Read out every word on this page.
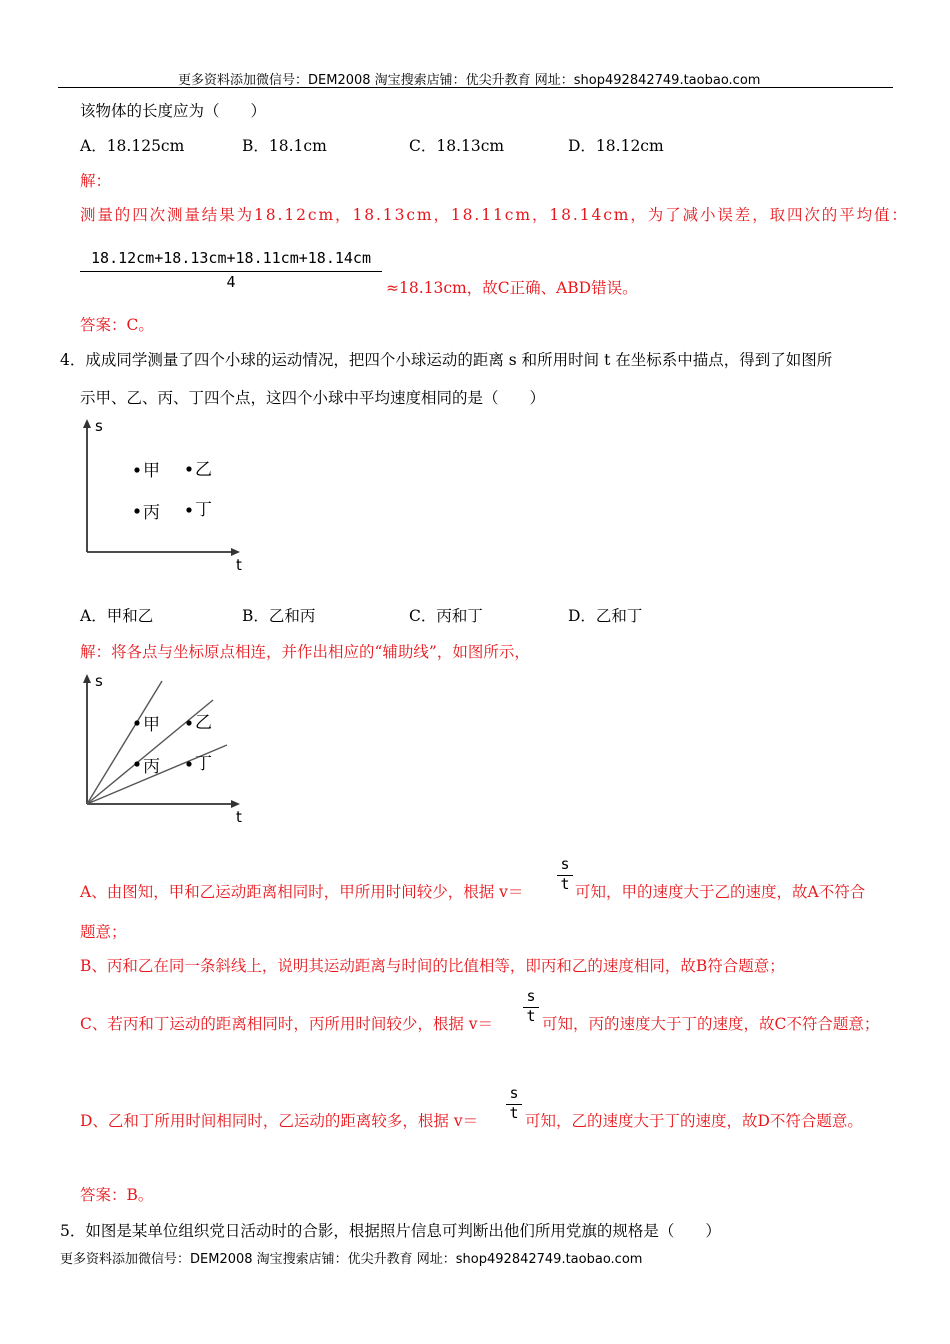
更多资料添加微信号：DEM2008 淘宝搜索店铺：优尖升教育 网址：shop492842749.taobao.com
该物体的长度应为（　　）
A．18.125cm	B．18.1cm	C．18.13cm	D．18.12cm
解：
测量的四次测量结果为18.12cm，18.13cm，18.11cm，18.14cm，为了减小误差，取四次的平均值：
18.12cm+18.13cm+18.11cm+18.14cm
4	≈18.13cm，故C正确、ABD错误。
答案：C。
4．成成同学测量了四个小球的运动情况，把四个小球运动的距离 s 和所用时间 t 在坐标系中描点，得到了如图所
示甲、乙、丙、丁四个点，这四个小球中平均速度相同的是（　　）
s
t
甲 乙
丙 丁
A．甲和乙	B．乙和丙	C．丙和丁	D．乙和丁
解：将各点与坐标原点相连，并作出相应的“辅助线”，如图所示，
s
t
甲 乙
丙 丁
s
t
A、由图知，甲和乙运动距离相同时，甲所用时间较少，根据 v＝	可知，甲的速度大于乙的速度，故A不符合
题意；
B、丙和乙在同一条斜线上，说明其运动距离与时间的比值相等，即丙和乙的速度相同，故B符合题意；
s
t
C、若丙和丁运动的距离相同时，丙所用时间较少，根据 v＝	可知，丙的速度大于丁的速度，故C不符合题意；
s
t
D、乙和丁所用时间相同时，乙运动的距离较多，根据 v＝	可知，乙的速度大于丁的速度，故D不符合题意。
答案：B。
5．如图是某单位组织党日活动时的合影，根据照片信息可判断出他们所用党旗的规格是（　　）
更多资料添加微信号：DEM2008 淘宝搜索店铺：优尖升教育 网址：shop492842749.taobao.com
